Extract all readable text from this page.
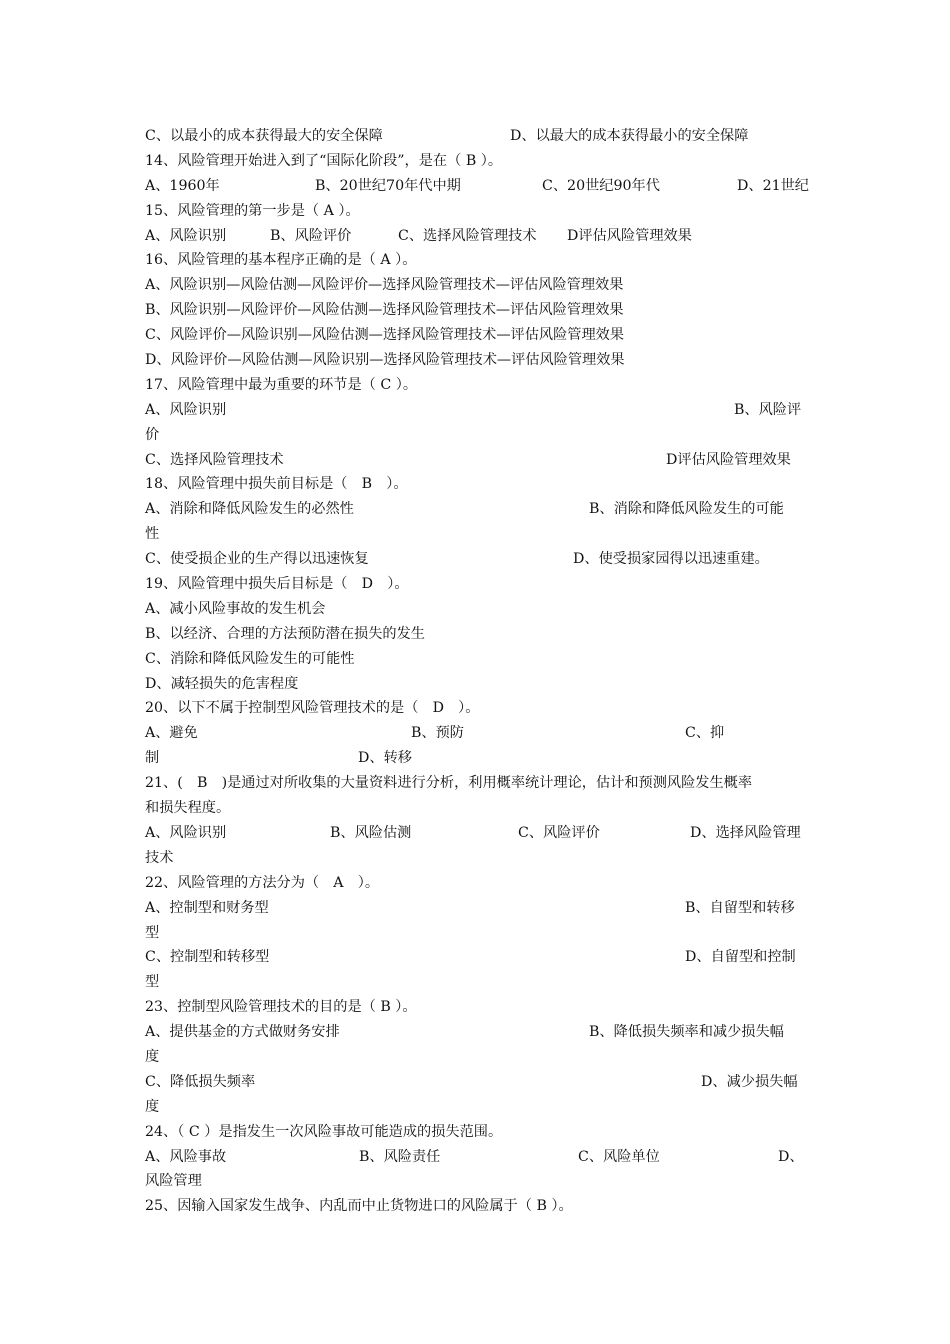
C、以最小的成本获得最大的安全保障	D、以最大的成本获得最小的安全保障
14、风险管理开始进入到了“国际化阶段”，是在（ B ）。
A、1960年	B、20世纪70年代中期	C、20世纪90年代	D、21世纪
15、风险管理的第一步是（ A ）。
A、风险识别	B、风险评价	C、选择风险管理技术 D评估风险管理效果
16、风险管理的基本程序正确的是（ A ）。
A、风险识别—风险估测—风险评价—选择风险管理技术—评估风险管理效果
B、风险识别—风险评价—风险估测—选择风险管理技术—评估风险管理效果
C、风险评价—风险识别—风险估测—选择风险管理技术—评估风险管理效果
D、风险评价—风险估测—风险识别—选择风险管理技术—评估风险管理效果
17、风险管理中最为重要的环节是（ C ）。
A、风险识别	B、风险评
价
C、选择风险管理技术	D评估风险管理效果
18、风险管理中损失前目标是（　B　）。
A、消除和降低风险发生的必然性	B、消除和降低风险发生的可能
性
C、使受损企业的生产得以迅速恢复	D、使受损家园得以迅速重建。
19、风险管理中损失后目标是（　D　）。
A、减小风险事故的发生机会
B、以经济、合理的方法预防潜在损失的发生
C、消除和降低风险发生的可能性
D、减轻损失的危害程度
20、以下不属于控制型风险管理技术的是（　D　）。
A、避免	B、预防	C、抑
制	D、转移
21、(　B　)是通过对所收集的大量资料进行分析，利用概率统计理论，估计和预测风险发生概率
和损失程度。
A、风险识别	B、风险估测	C、风险评价	D、选择风险管理
技术
22、风险管理的方法分为（　A　）。
A、控制型和财务型	B、自留型和转移
型
C、控制型和转移型	D、自留型和控制
型
23、控制型风险管理技术的目的是（ B ）。
A、提供基金的方式做财务安排	B、降低损失频率和减少损失幅
度
C、降低损失频率	D、减少损失幅
度
24、（ C ）是指发生一次风险事故可能造成的损失范围。
A、风险事故	B、风险责任	C、风险单位	D、
风险管理
25、因输入国家发生战争、内乱而中止货物进口的风险属于（ B ）。
